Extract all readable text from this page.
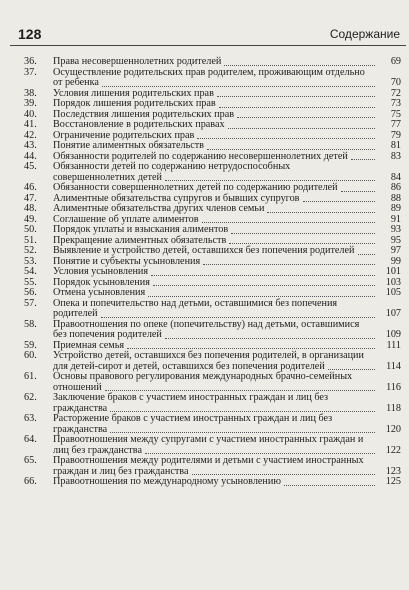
128	Содержание
36.	Права несовершеннолетних родителей	69
37.	Осуществление родительских прав родителем, проживающим отдельно от ребенка	70
38.	Условия лишения родительских прав	72
39.	Порядок лишения родительских прав	73
40.	Последствия лишения родительских прав	75
41.	Восстановление в родительских правах	77
42.	Ограничение родительских прав	79
43.	Понятие алиментных обязательств	81
44.	Обязанности родителей по содержанию несовершеннолетних детей	83
45.	Обязанности детей по содержанию нетрудоспособных совершеннолетних детей	84
46.	Обязанности совершеннолетних детей по содержанию родителей	86
47.	Алиментные обязательства супругов и бывших супругов	88
48.	Алиментные обязательства других членов семьи	89
49.	Соглашение об уплате алиментов	91
50.	Порядок уплаты и взыскания алиментов	93
51.	Прекращение алиментных обязательств	95
52.	Выявление и устройство детей, оставшихся без попечения родителей	97
53.	Понятие и субъекты усыновления	99
54.	Условия усыновления	101
55.	Порядок усыновления	103
56.	Отмена усыновления	105
57.	Опека и попечительство над детьми, оставшимися без попечения родителей	107
58.	Правоотношения по опеке (попечительству) над детьми, оставшимися без попечения родителей	109
59.	Приемная семья	111
60.	Устройство детей, оставшихся без попечения родителей, в организации для детей-сирот и детей, оставшихся без попечения родителей	114
61.	Основы правового регулирования международных брачно-семейных отношений	116
62.	Заключение браков с участием иностранных граждан и лиц без гражданства	118
63.	Расторжение браков с участием иностранных граждан и лиц без гражданства	120
64.	Правоотношения между супругами с участием иностранных граждан и лиц без гражданства	122
65.	Правоотношения между родителями и детьми с участием иностранных граждан и лиц без гражданства	123
66.	Правоотношения по международному усыновлению	125
